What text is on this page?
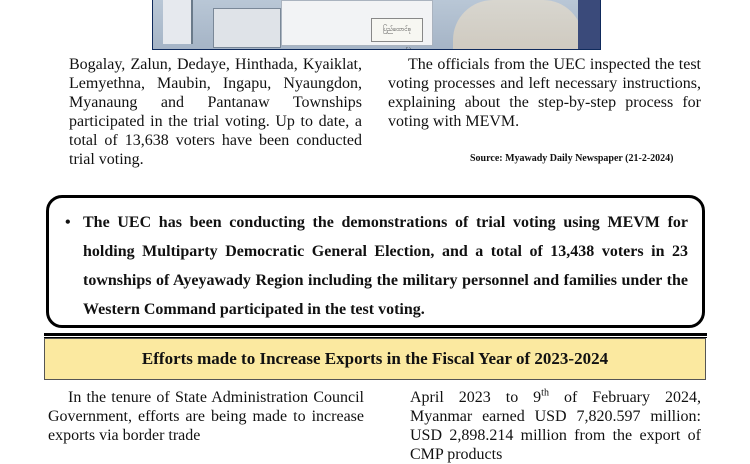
ပြည်ထောင်စု
Bogalay, Zalun, Dedaye, Hinthada, Kyaiklat, Lemyethna, Maubin, Ingapu, Nyaungdon, Myanaung and Pantanaw Townships participated in the trial voting. Up to date, a total of 13,638 voters have been conducted trial voting.
The officials from the UEC inspected the test voting processes and left necessary instructions, explaining about the step-by-step process for voting with MEVM.
Source: Myawady Daily Newspaper (21-2-2024)
• The UEC has been conducting the demonstrations of trial voting using MEVM for holding Multiparty Democratic General Election, and a total of 13,438 voters in 23 townships of Ayeyawady Region including the military personnel and families under the Western Command participated in the test voting.
Efforts made to Increase Exports in the Fiscal Year of 2023-2024
In the tenure of State Administration Council Government, efforts are being made to increase exports via border trade
April 2023 to 9th of February 2024, Myanmar earned USD 7,820.597 million: USD 2,898.214 million from the export of CMP products
